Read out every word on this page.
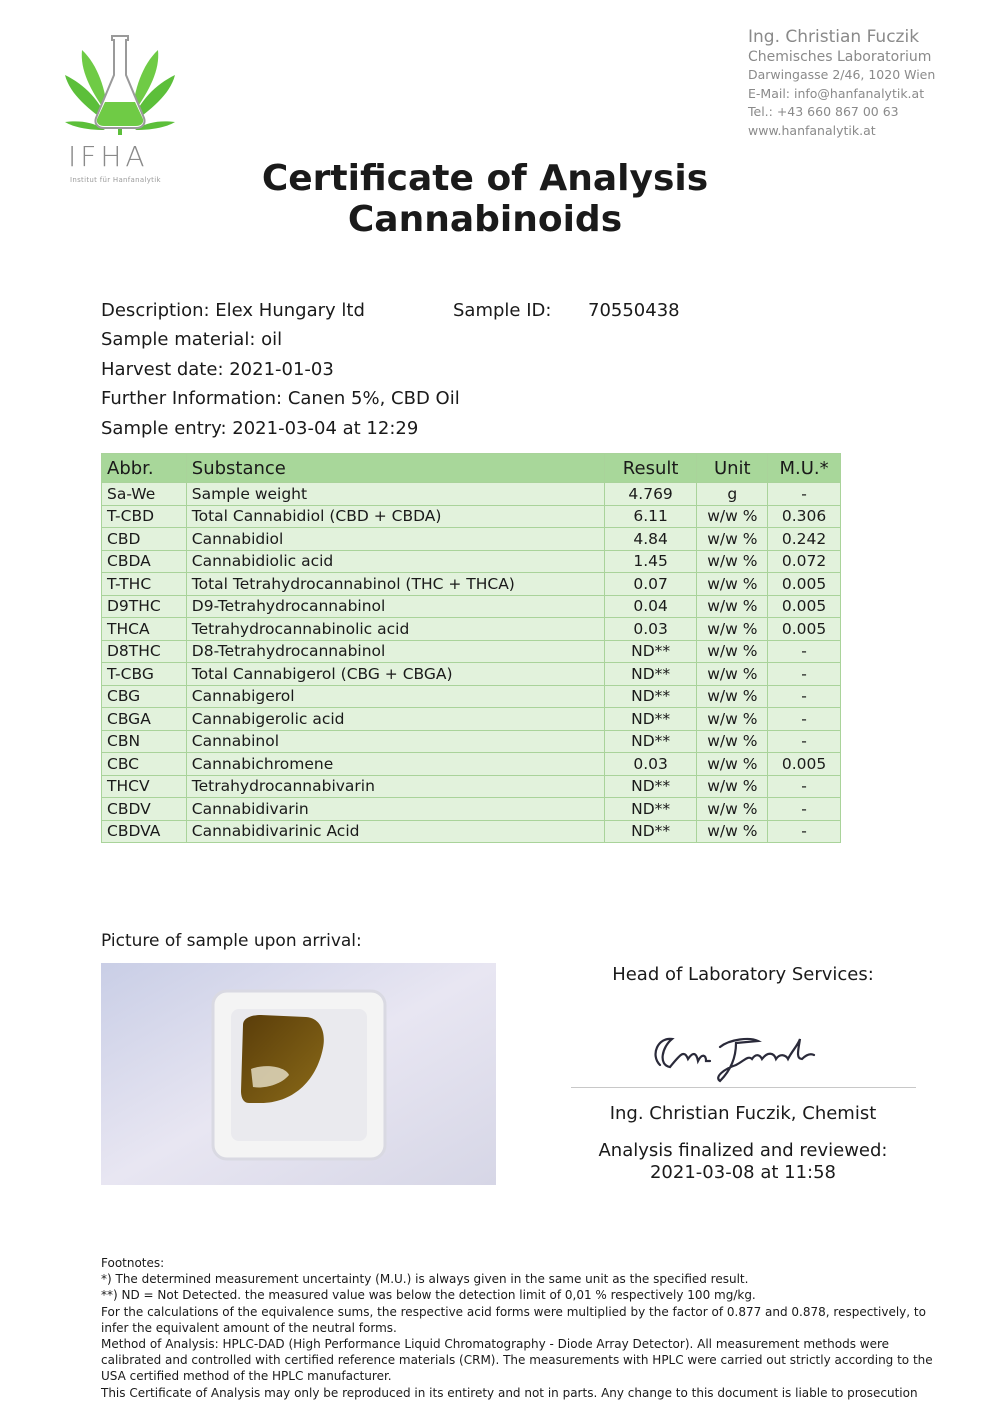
IFHA
Institut für Hanfanalytik
Ing. Christian Fuczik
Chemisches Laboratorium
Darwingasse 2/46, 1020 Wien
E-Mail: info@hanfanalytik.at
Tel.: +43 660 867 00 63
www.hanfanalytik.at
Certificate of Analysis
Cannabinoids
Description: Elex Hungary ltd	Sample ID: 70550438
Sample material: oil
Harvest date: 2021-01-03
Further Information: Canen 5%, CBD Oil
Sample entry: 2021-03-04 at 12:29
Abbr.	Substance	Result	Unit	M.U.*
Sa-We	Sample weight	4.769	g	-
T-CBD	Total Cannabidiol (CBD + CBDA)	6.11	w/w %	0.306
CBD	Cannabidiol	4.84	w/w %	0.242
CBDA	Cannabidiolic acid	1.45	w/w %	0.072
T-THC	Total Tetrahydrocannabinol (THC + THCA)	0.07	w/w %	0.005
D9THC	D9-Tetrahydrocannabinol	0.04	w/w %	0.005
THCA	Tetrahydrocannabinolic acid	0.03	w/w %	0.005
D8THC	D8-Tetrahydrocannabinol	ND**	w/w %	-
T-CBG	Total Cannabigerol (CBG + CBGA)	ND**	w/w %	-
CBG	Cannabigerol	ND**	w/w %	-
CBGA	Cannabigerolic acid	ND**	w/w %	-
CBN	Cannabinol	ND**	w/w %	-
CBC	Cannabichromene	0.03	w/w %	0.005
THCV	Tetrahydrocannabivarin	ND**	w/w %	-
CBDV	Cannabidivarin	ND**	w/w %	-
CBDVA	Cannabidivarinic Acid	ND**	w/w %	-
Picture of sample upon arrival:
Head of Laboratory Services:
Ing. Christian Fuczik, Chemist
Analysis finalized and reviewed:
2021-03-08 at 11:58

Footnotes:

*) The determined measurement uncertainty (M.U.) is always given in the same unit as the specified result.

**) ND = Not Detected. the measured value was below the detection limit of 0,01 % respectively 100 mg/kg.

For the calculations of the equivalence sums, the respective acid forms were multiplied by the factor of 0.877 and 0.878, respectively, to infer the equivalent amount of the neutral forms.

Method of Analysis: HPLC-DAD (High Performance Liquid Chromatography - Diode Array Detector). All measurement methods were calibrated and controlled with certified reference materials (CRM). The measurements with HPLC were carried out strictly according to the USA certified method of the HPLC manufacturer.

This Certificate of Analysis may only be reproduced in its entirety and not in parts. Any change to this document is liable to prosecution
